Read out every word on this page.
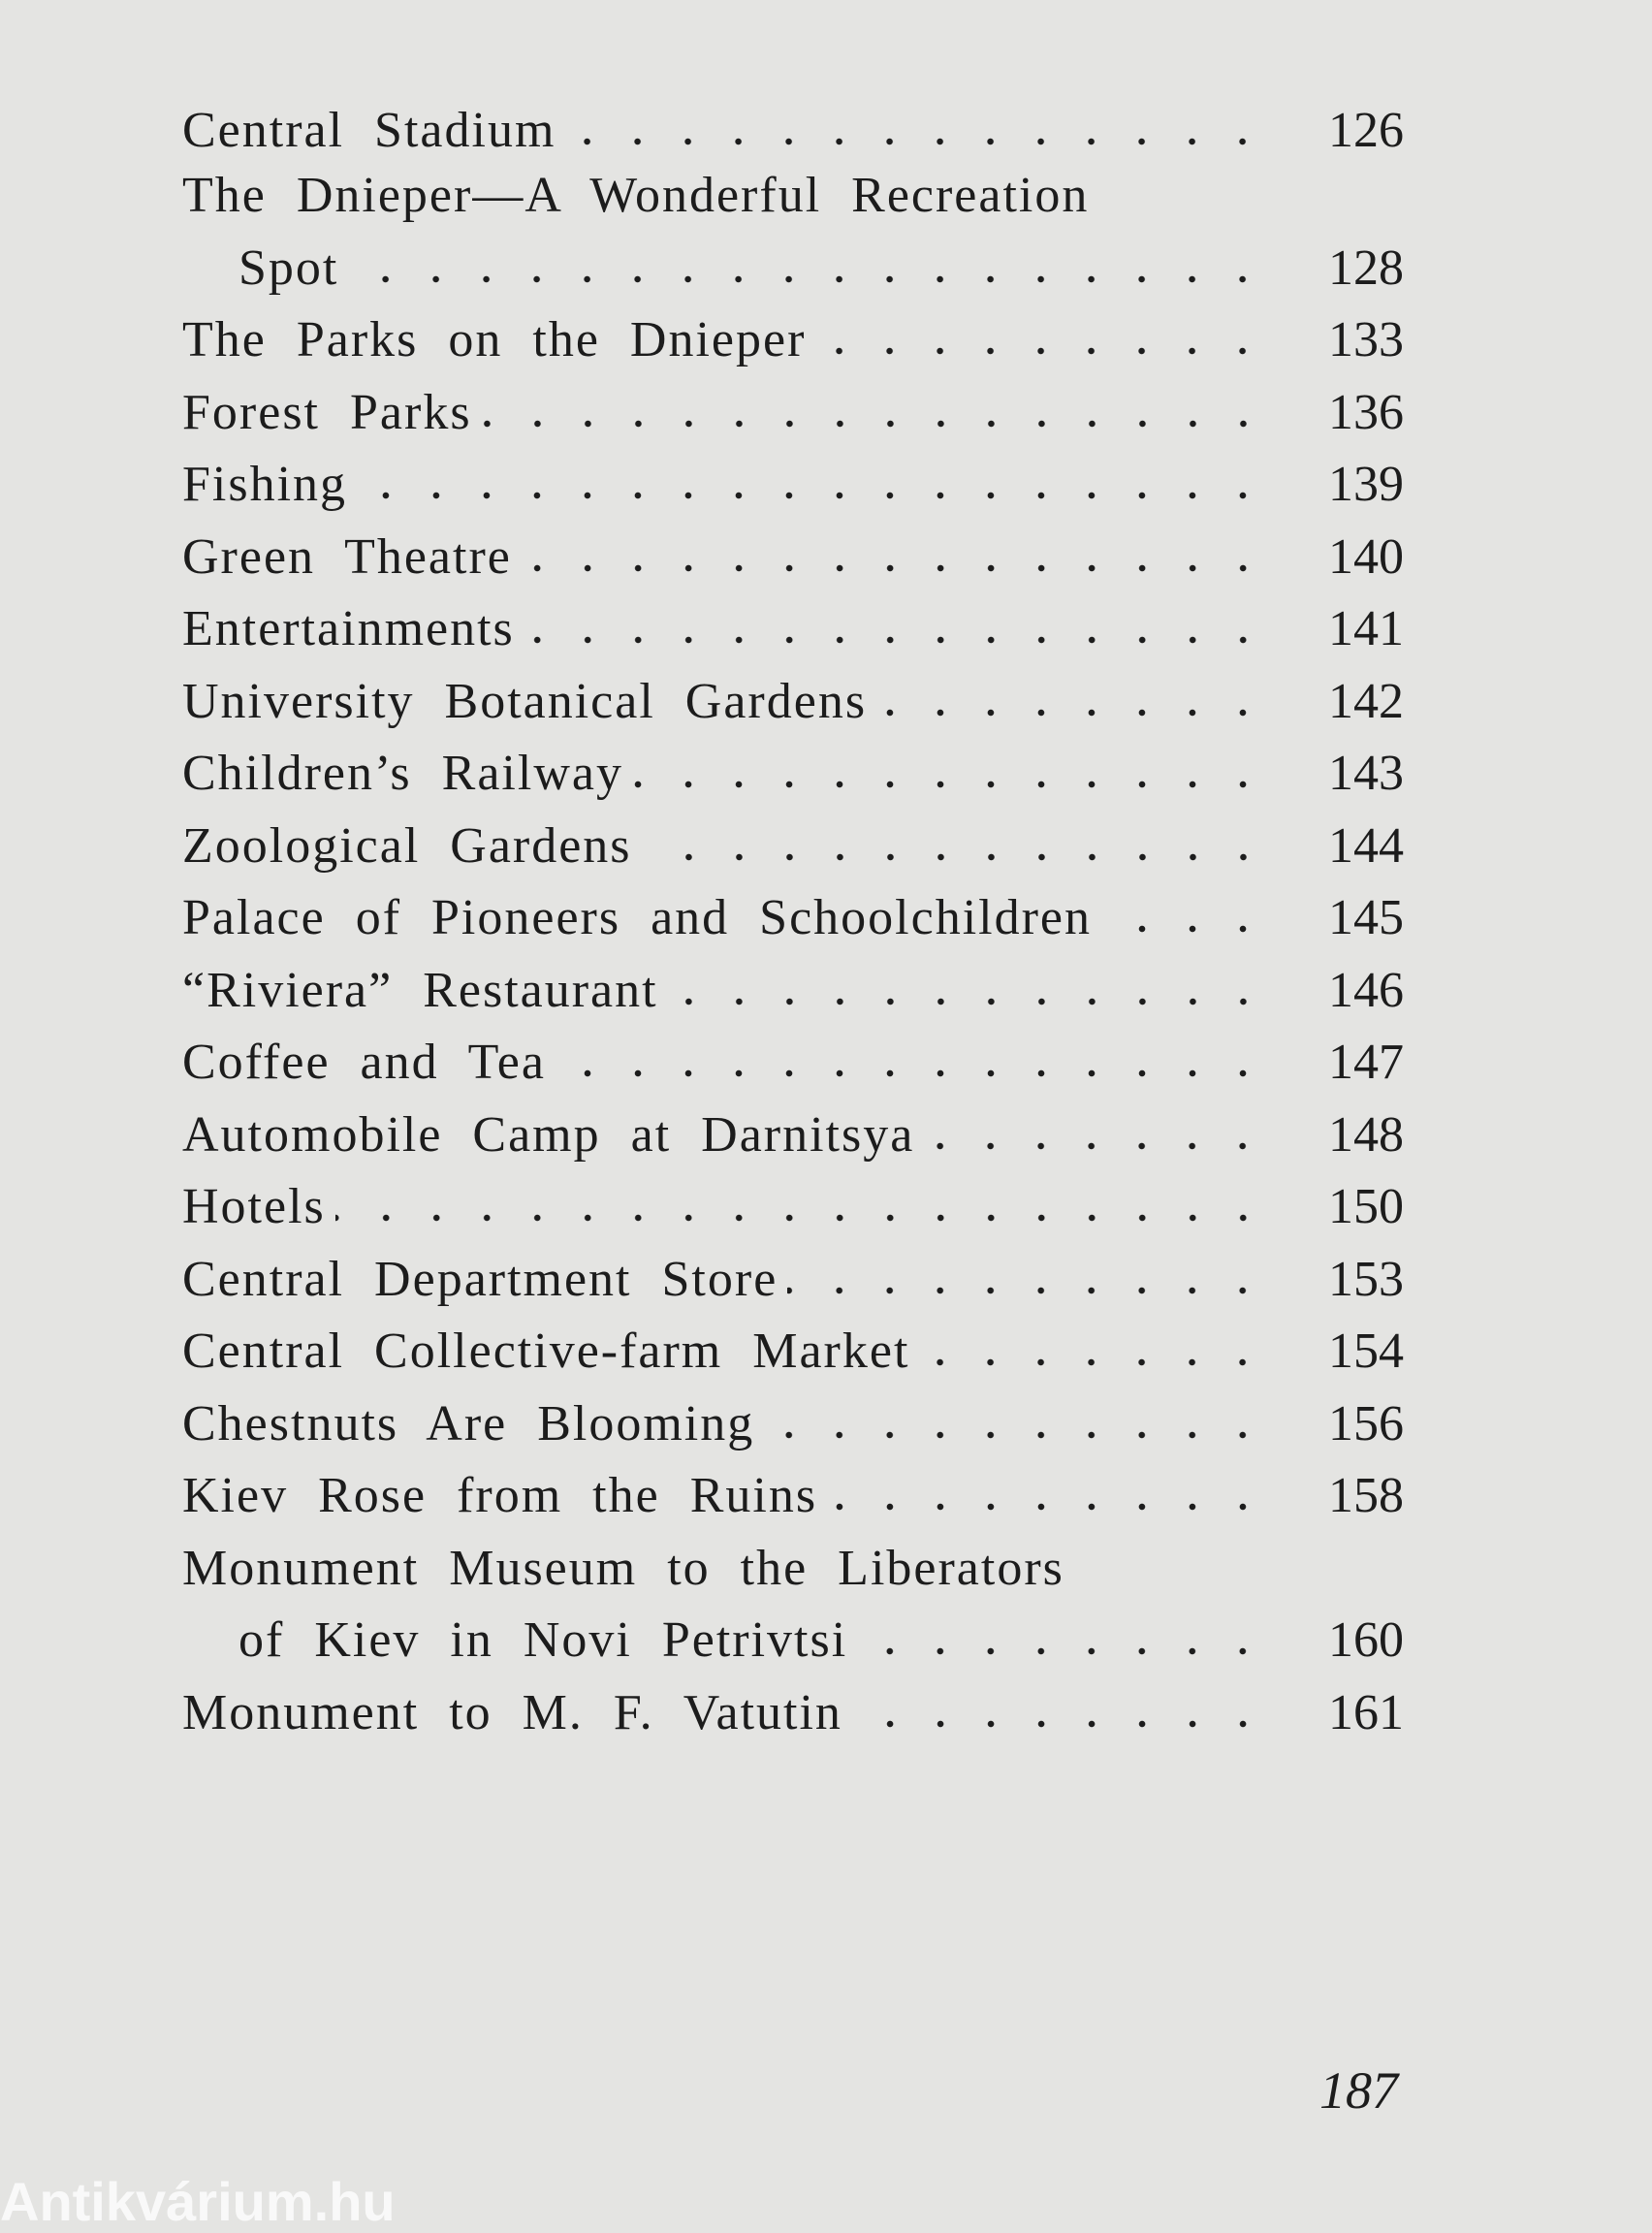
Central Stadium	126
The Dnieper—A Wonderful Recreation
Spot	128
The Parks on the Dnieper	133
Forest Parks	136
Fishing	139
Green Theatre	140
Entertainments	141
University Botanical Gardens	142
Children’s Railway	143
Zoological Gardens	144
Palace of Pioneers and Schoolchildren	145
“Riviera” Restaurant	146
Coffee and Tea	147
Automobile Camp at Darnitsya	148
Hotels	150
Central Department Store	153
Central Collective-farm Market	154
Chestnuts Are Blooming	156
Kiev Rose from the Ruins	158
Monument Museum to the Liberators
of Kiev in Novi Petrivtsi	160
Monument to M. F. Vatutin	161
187
Antikvárium.hu
